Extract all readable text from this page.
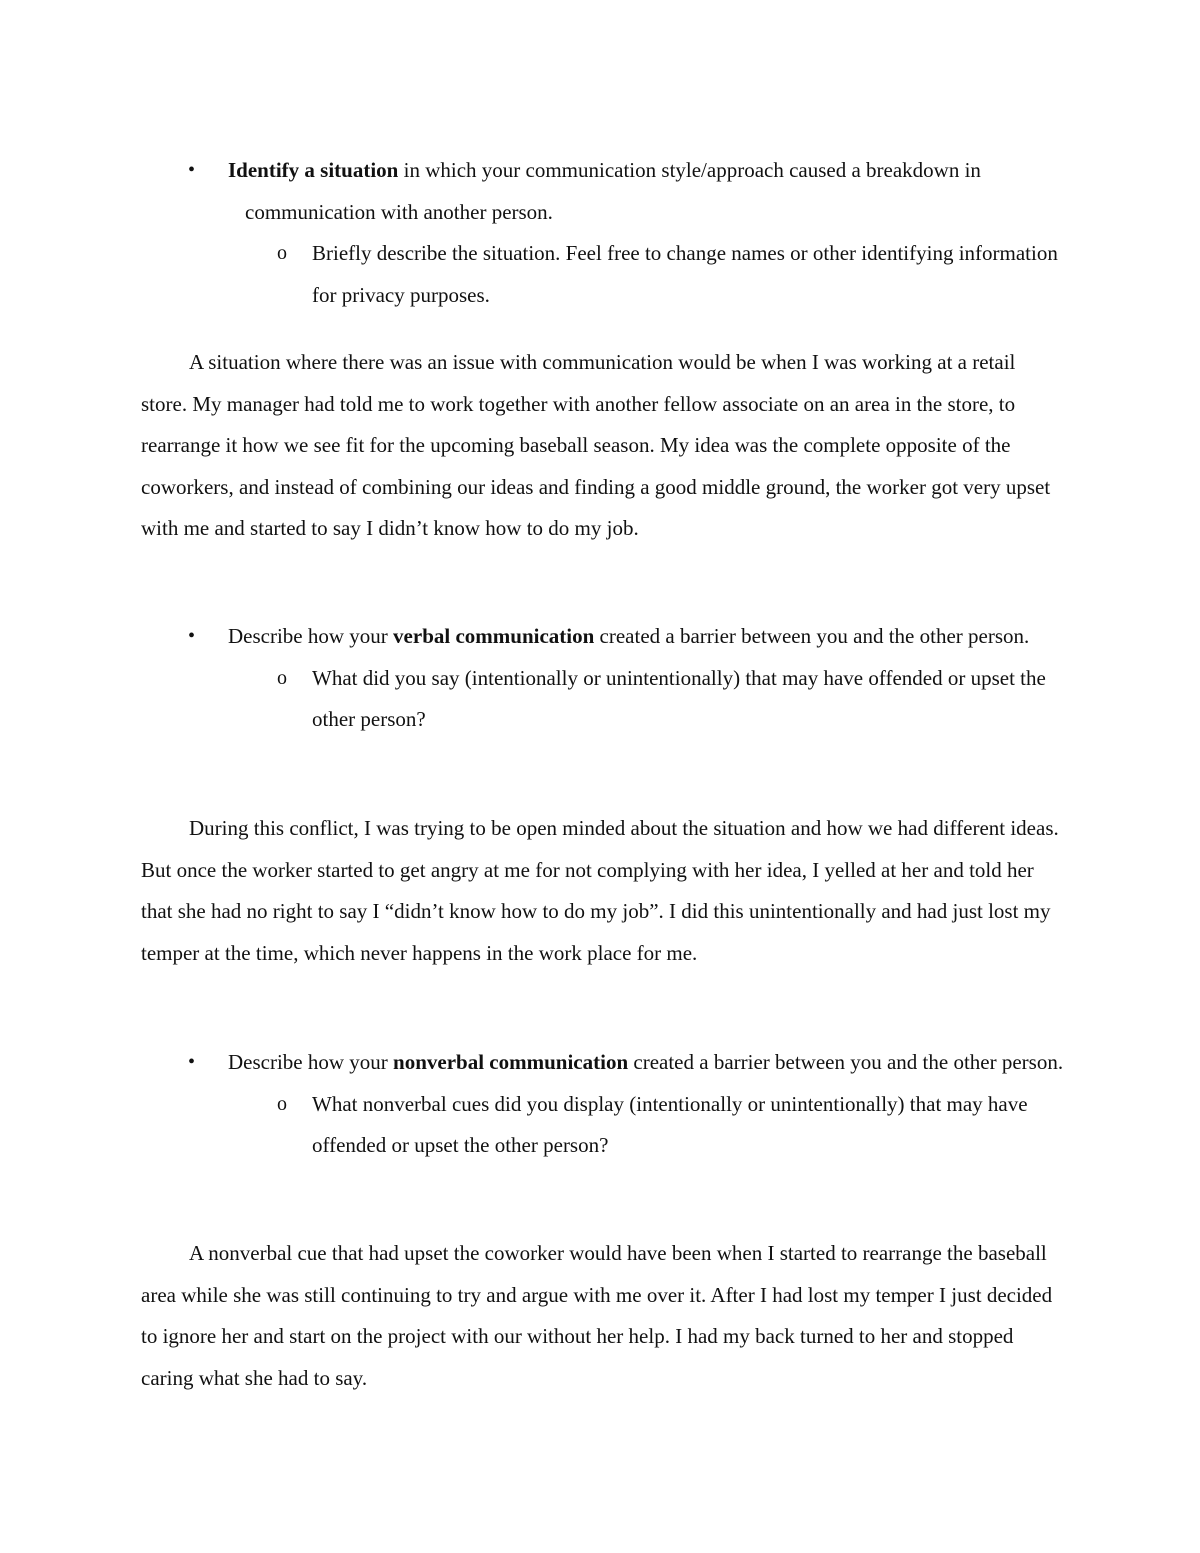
• Identify a situation in which your communication style/approach caused a breakdown in communication with another person.
o Briefly describe the situation. Feel free to change names or other identifying information for privacy purposes.
A situation where there was an issue with communication would be when I was working at a retail store. My manager had told me to work together with another fellow associate on an area in the store, to rearrange it how we see fit for the upcoming baseball season. My idea was the complete opposite of the coworkers, and instead of combining our ideas and finding a good middle ground, the worker got very upset with me and started to say I didn’t know how to do my job.
• Describe how your verbal communication created a barrier between you and the other person.
o What did you say (intentionally or unintentionally) that may have offended or upset the other person?
During this conflict, I was trying to be open minded about the situation and how we had different ideas. But once the worker started to get angry at me for not complying with her idea, I yelled at her and told her that she had no right to say I “didn’t know how to do my job”. I did this unintentionally and had just lost my temper at the time, which never happens in the work place for me.
• Describe how your nonverbal communication created a barrier between you and the other person.
o What nonverbal cues did you display (intentionally or unintentionally) that may have offended or upset the other person?
A nonverbal cue that had upset the coworker would have been when I started to rearrange the baseball area while she was still continuing to try and argue with me over it. After I had lost my temper I just decided to ignore her and start on the project with our without her help. I had my back turned to her and stopped caring what she had to say.
